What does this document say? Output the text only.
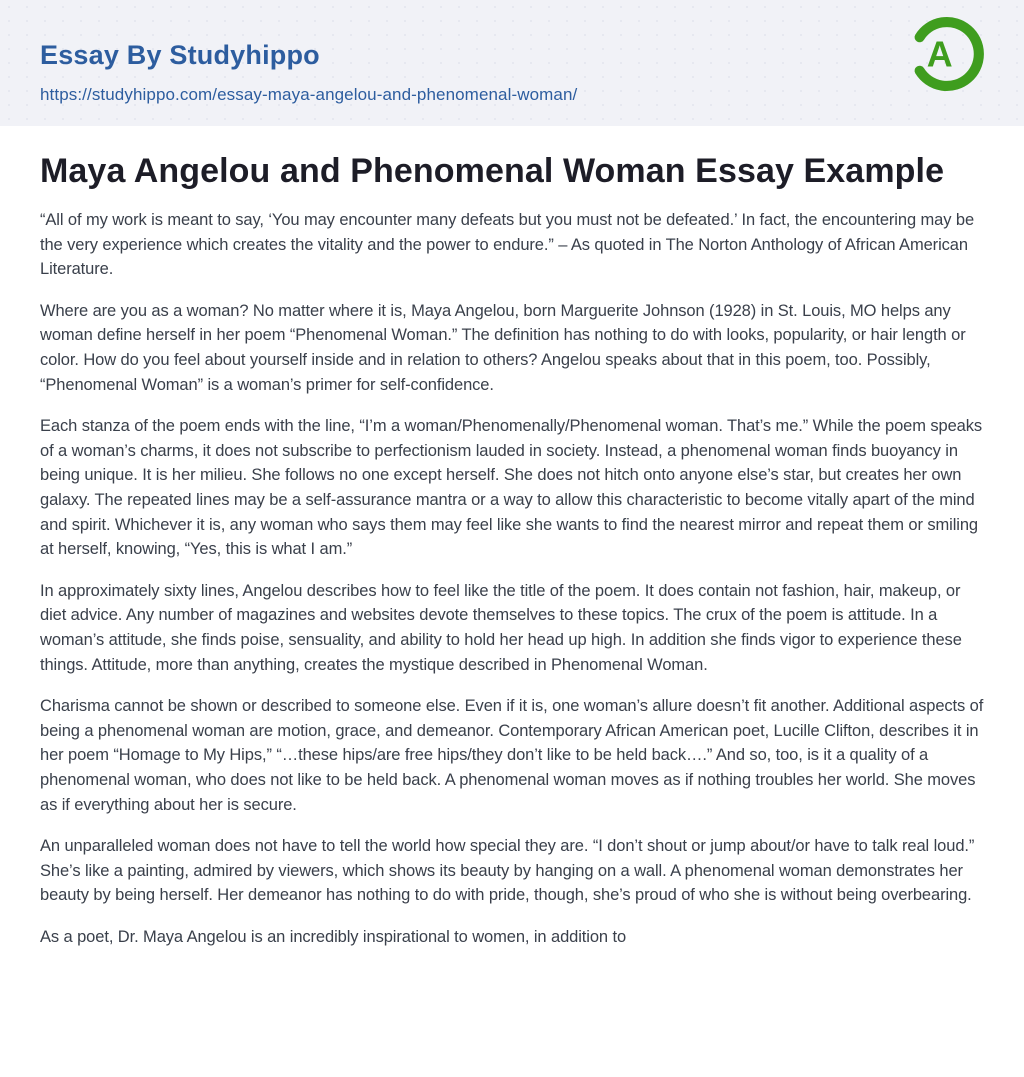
Essay By Studyhippo
https://studyhippo.com/essay-maya-angelou-and-phenomenal-woman/
A
Maya Angelou and Phenomenal Woman Essay Example

“All of my work is meant to say, ‘You may encounter many defeats but you must not be defeated.’ In fact, the encountering may be the very experience which creates the vitality and the power to endure.” – As quoted in The Norton Anthology of African American Literature.

Where are you as a woman? No matter where it is, Maya Angelou, born Marguerite Johnson (1928) in St. Louis, MO helps any woman define herself in her poem “Phenomenal Woman.” The definition has nothing to do with looks, popularity, or hair length or color. How do you feel about yourself inside and in relation to others? Angelou speaks about that in this poem, too. Possibly, “Phenomenal Woman” is a woman’s primer for self-confidence.

Each stanza of the poem ends with the line, “I’m a woman/Phenomenally/Phenomenal woman. That’s me.” While the poem speaks of a woman’s charms, it does not subscribe to perfectionism lauded in society. Instead, a phenomenal woman finds buoyancy in being unique. It is her milieu. She follows no one except herself. She does not hitch onto anyone else’s star, but creates her own galaxy. The repeated lines may be a self-assurance mantra or a way to allow this characteristic to become vitally apart of the mind and spirit. Whichever it is, any woman who says them may feel like she wants to find the nearest mirror and repeat them or smiling at herself, knowing, “Yes, this is what I am.”

In approximately sixty lines, Angelou describes how to feel like the title of the poem. It does contain not fashion, hair, makeup, or diet advice. Any number of magazines and websites devote themselves to these topics. The crux of the poem is attitude. In a woman’s attitude, she finds poise, sensuality, and ability to hold her head up high. In addition she finds vigor to experience these things. Attitude, more than anything, creates the mystique described in Phenomenal Woman.

Charisma cannot be shown or described to someone else. Even if it is, one woman’s allure doesn’t fit another. Additional aspects of being a phenomenal woman are motion, grace, and demeanor. Contemporary African American poet, Lucille Clifton, describes it in her poem “Homage to My Hips,” “…these hips/are free hips/they don’t like to be held back….” And so, too, is it a quality of a phenomenal woman, who does not like to be held back. A phenomenal woman moves as if nothing troubles her world. She moves as if everything about her is secure.

An unparalleled woman does not have to tell the world how special they are. “I don’t shout or jump about/or have to talk real loud.” She’s like a painting, admired by viewers, which shows its beauty by hanging on a wall. A phenomenal woman demonstrates her beauty by being herself. Her demeanor has nothing to do with pride, though, she’s proud of who she is without being overbearing.

As a poet, Dr. Maya Angelou is an incredibly inspirational to women, in addition to
